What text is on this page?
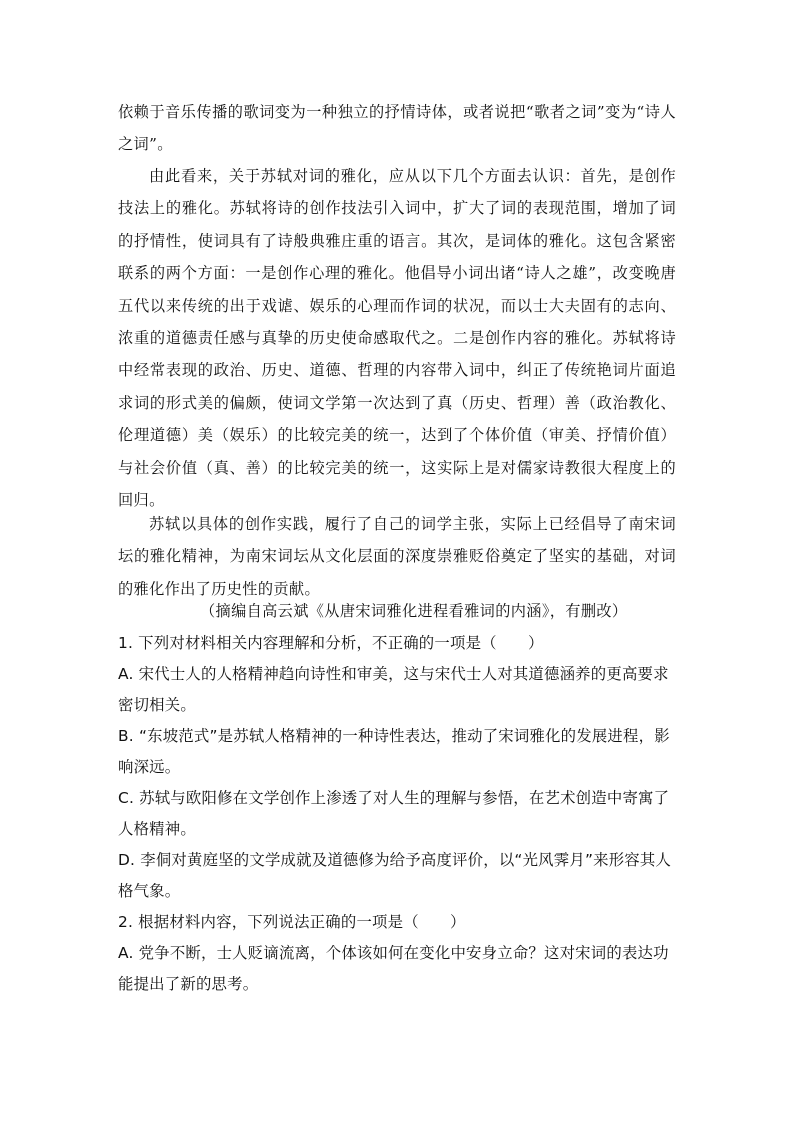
依赖于音乐传播的歌词变为一种独立的抒情诗体，或者说把“歌者之词”变为“诗人之词”。

由此看来，关于苏轼对词的雅化，应从以下几个方面去认识：首先，是创作技法上的雅化。苏轼将诗的创作技法引入词中，扩大了词的表现范围，增加了词的抒情性，使词具有了诗般典雅庄重的语言。其次，是词体的雅化。这包含紧密联系的两个方面：一是创作心理的雅化。他倡导小词出诸“诗人之雄”，改变晚唐五代以来传统的出于戏谑、娱乐的心理而作词的状况，而以士大夫固有的志向、浓重的道德责任感与真挚的历史使命感取代之。二是创作内容的雅化。苏轼将诗中经常表现的政治、历史、道德、哲理的内容带入词中，纠正了传统艳词片面追求词的形式美的偏颇，使词文学第一次达到了真（历史、哲理）善（政治教化、伦理道德）美（娱乐）的比较完美的统一，达到了个体价值（审美、抒情价值）与社会价值（真、善）的比较完美的统一，这实际上是对儒家诗教很大程度上的回归。

苏轼以具体的创作实践，履行了自己的词学主张，实际上已经倡导了南宋词坛的雅化精神，为南宋词坛从文化层面的深度崇雅贬俗奠定了坚实的基础，对词的雅化作出了历史性的贡献。

（摘编自高云斌《从唐宋词雅化进程看雅词的内涵》，有删改）

1. 下列对材料相关内容理解和分析，不正确的一项是（　　）

A. 宋代士人的人格精神趋向诗性和审美，这与宋代士人对其道德涵养的更高要求密切相关。

B. “东坡范式”是苏轼人格精神的一种诗性表达，推动了宋词雅化的发展进程，影响深远。

C. 苏轼与欧阳修在文学创作上渗透了对人生的理解与参悟，在艺术创造中寄寓了人格精神。

D. 李侗对黄庭坚的文学成就及道德修为给予高度评价，以“光风霁月”来形容其人格气象。

2. 根据材料内容，下列说法正确的一项是（　　）

A. 党争不断，士人贬谪流离，个体该如何在变化中安身立命？这对宋词的表达功能提出了新的思考。
